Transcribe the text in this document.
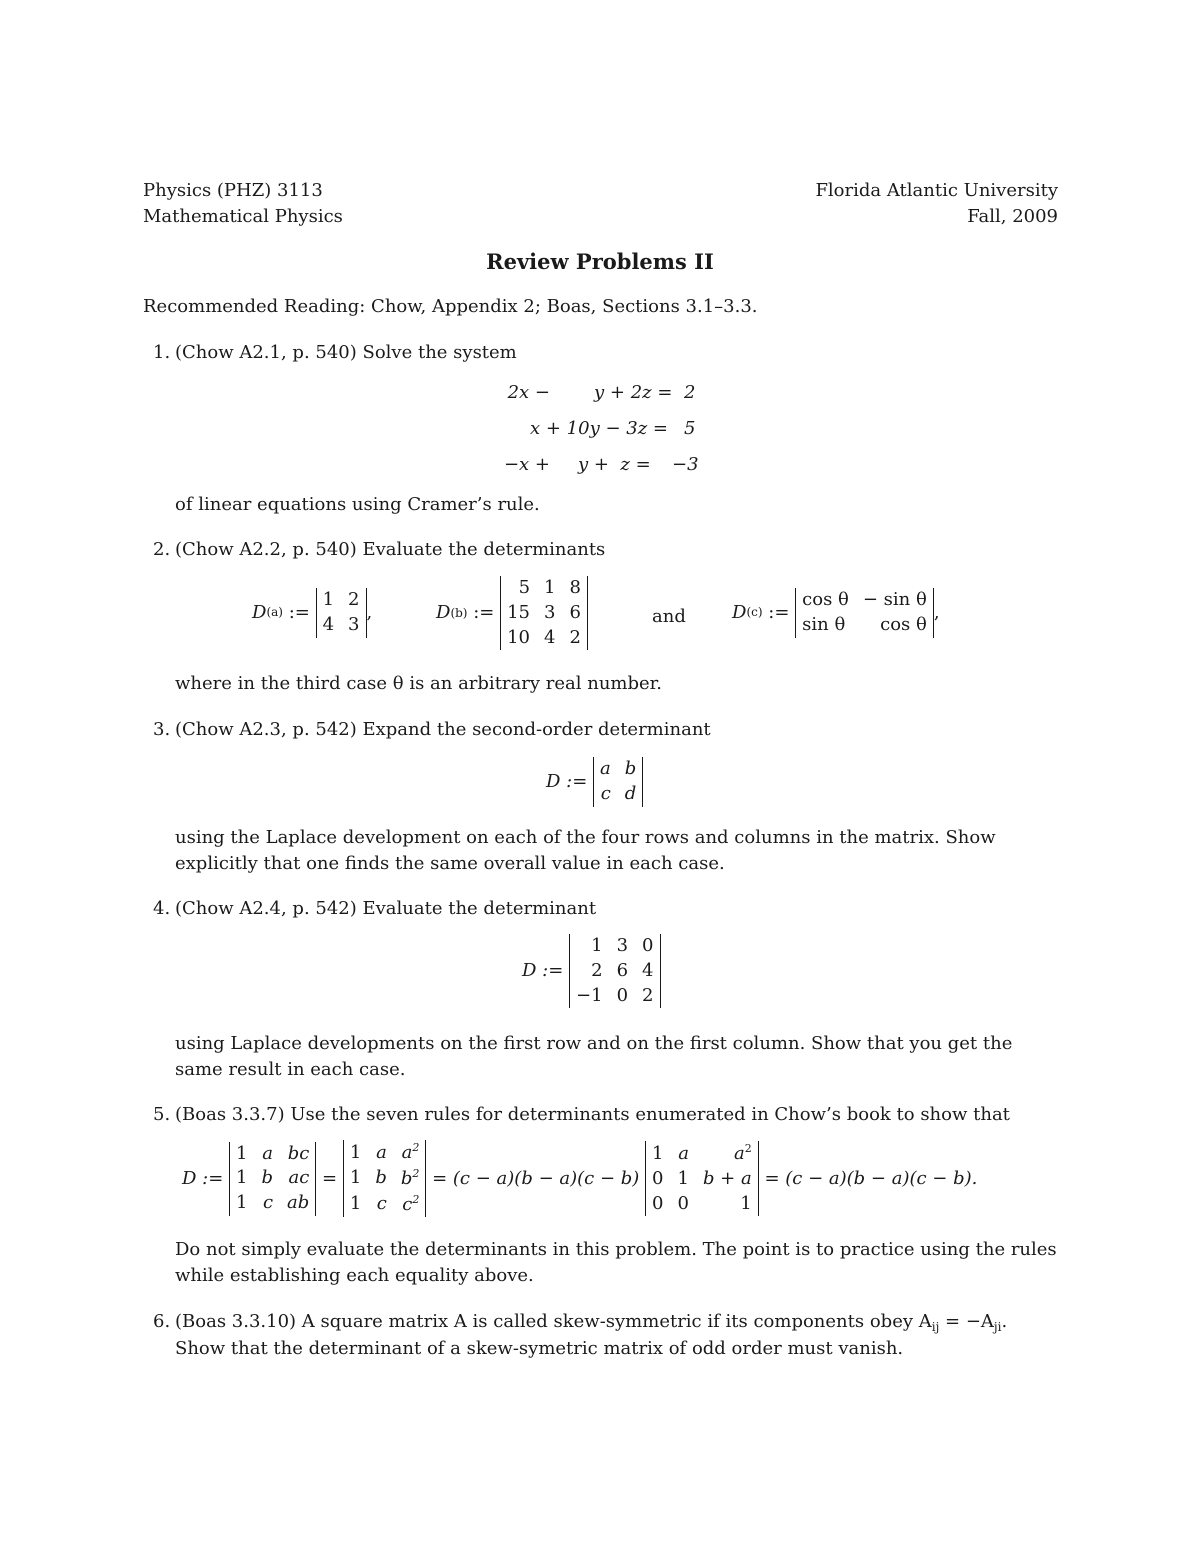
Physics (PHZ) 3113
Mathematical Physics
Florida Atlantic University
Fall, 2009
Review Problems II
Recommended Reading: Chow, Appendix 2; Boas, Sections 3.1–3.3.
1. (Chow A2.1, p. 540) Solve the system
2x − y + 2z = 2
x + 10y − 3z = 5
−x + y +  z = −3
of linear equations using Cramer’s rule.
2. (Chow A2.2, p. 540) Evaluate the determinants
D (a)
:=

1	2
4	3
,	D (b)
:=

5	1	8
15	3	6
10	4	2
and	D (c)
:=

cos θ	− sin θ
sin θ	cos θ
,
where in the third case θ is an arbitrary real number.
3. (Chow A2.3, p. 542) Expand the second-order determinant
D :=

a	b
c	d
using the Laplace development on each of the four rows and columns in the matrix. Show explicitly that one finds the same overall value in each case.
4. (Chow A2.4, p. 542) Evaluate the determinant
D :=

1	3	0
2	6	4
−1	0	2
using Laplace developments on the first row and on the first column. Show that you get the same result in each case.
5. (Boas 3.3.7) Use the seven rules for determinants enumerated in Chow’s book to show that
D :=

1	a	bc
1	b	ac
1	c	ab

=

1	a	$a^2$
1	b	$b^2$
1	c	$c^2$

= (c − a)(b − a)(c − b)

1	a	$a^2$
0	1	b + a
0	0	1

= (c − a)(b − a)(c − b).
Do not simply evaluate the determinants in this problem. The point is to practice using the rules while establishing each equality above.
6. (Boas 3.3.10) A square matrix A is called skew-symmetric if its components obey $A_{ij} = -A_{ji}$.
Show that the determinant of a skew-symetric matrix of odd order must vanish.
